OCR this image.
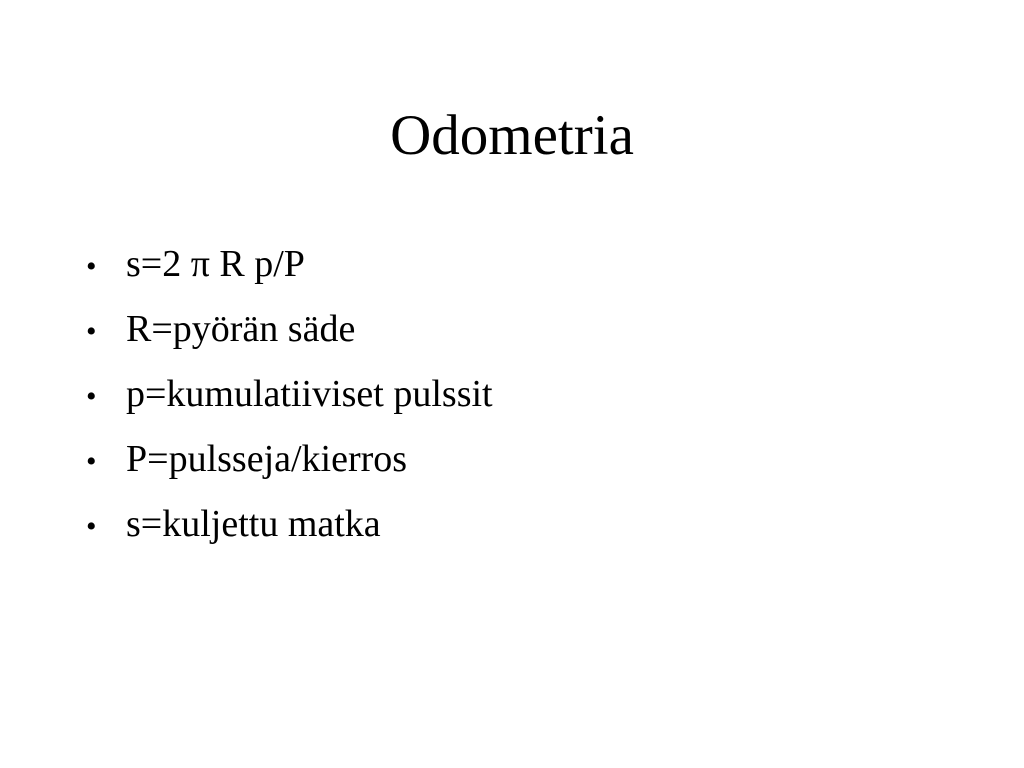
Odometria
• s=2 π R p/P
• R=pyörän säde
• p=kumulatiiviset pulssit
• P=pulsseja/kierros
• s=kuljettu matka
